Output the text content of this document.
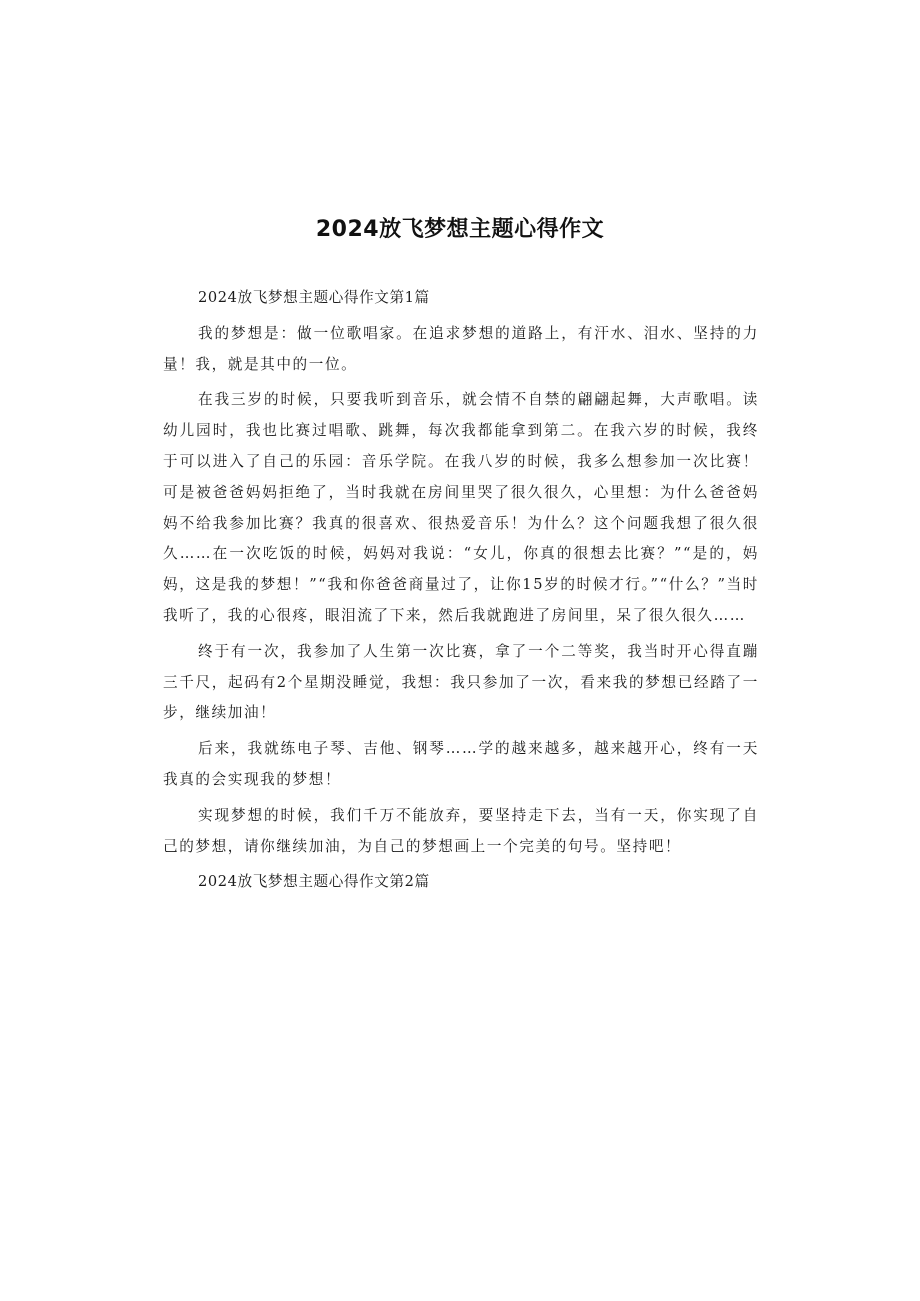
2024放飞梦想主题心得作文

2024放飞梦想主题心得作文第1篇

我的梦想是：做一位歌唱家。在追求梦想的道路上，有汗水、泪水、坚持的力量！我，就是其中的一位。

在我三岁的时候，只要我听到音乐，就会情不自禁的翩翩起舞，大声歌唱。读幼儿园时，我也比赛过唱歌、跳舞，每次我都能拿到第二。在我六岁的时候，我终于可以进入了自己的乐园：音乐学院。在我八岁的时候，我多么想参加一次比赛！可是被爸爸妈妈拒绝了，当时我就在房间里哭了很久很久，心里想：为什么爸爸妈妈不给我参加比赛？我真的很喜欢、很热爱音乐！为什么？这个问题我想了很久很久……在一次吃饭的时候，妈妈对我说：“女儿，你真的很想去比赛？”“是的，妈妈，这是我的梦想！”“我和你爸爸商量过了，让你15岁的时候才行。”“什么？”当时我听了，我的心很疼，眼泪流了下来，然后我就跑进了房间里，呆了很久很久……

终于有一次，我参加了人生第一次比赛，拿了一个二等奖，我当时开心得直蹦三千尺，起码有2个星期没睡觉，我想：我只参加了一次，看来我的梦想已经踏了一步，继续加油！

后来，我就练电子琴、吉他、钢琴……学的越来越多，越来越开心，终有一天我真的会实现我的梦想！

实现梦想的时候，我们千万不能放弃，要坚持走下去，当有一天，你实现了自己的梦想，请你继续加油，为自己的梦想画上一个完美的句号。坚持吧！

2024放飞梦想主题心得作文第2篇
